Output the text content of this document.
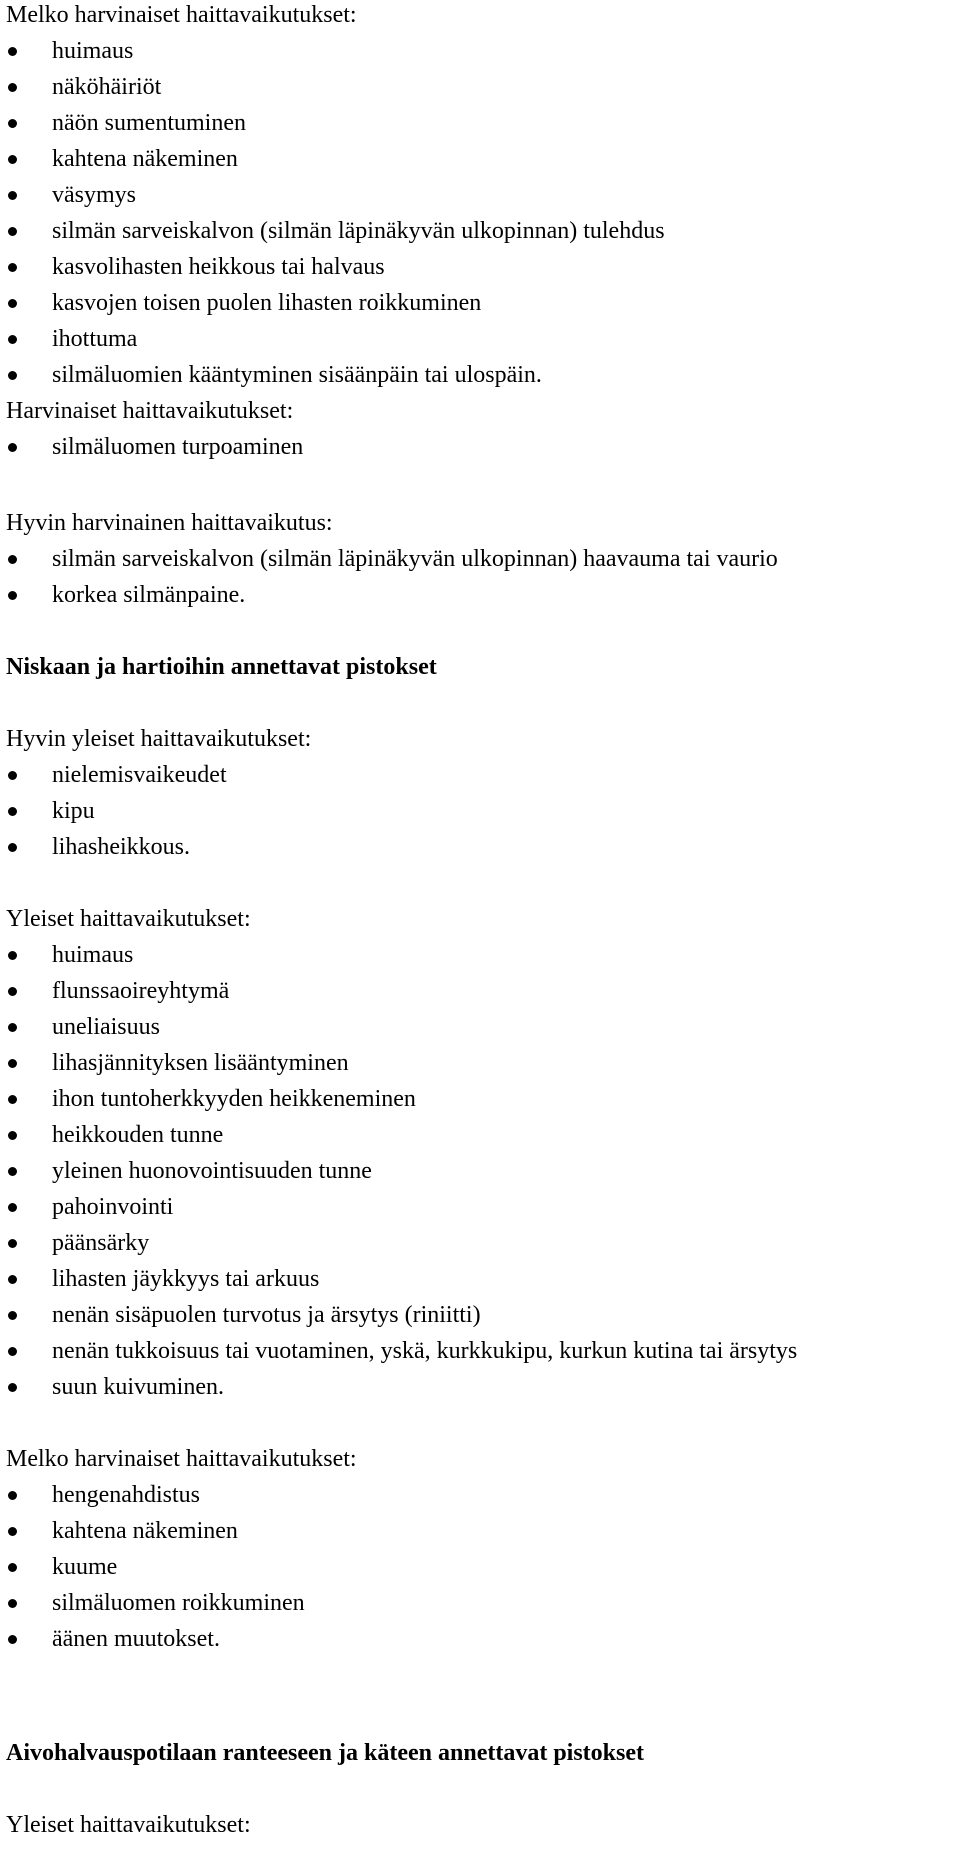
Melko harvinaiset haittavaikutukset:
huimaus
näköhäiriöt
näön sumentuminen
kahtena näkeminen
väsymys
silmän sarveiskalvon (silmän läpinäkyvän ulkopinnan) tulehdus
kasvolihasten heikkous tai halvaus
kasvojen toisen puolen lihasten roikkuminen
ihottuma
silmäluomien kääntyminen sisäänpäin tai ulospäin.
Harvinaiset haittavaikutukset:
silmäluomen turpoaminen
Hyvin harvinainen haittavaikutus:
silmän sarveiskalvon (silmän läpinäkyvän ulkopinnan) haavauma tai vaurio
korkea silmänpaine.
Niskaan ja hartioihin annettavat pistokset
Hyvin yleiset haittavaikutukset:
nielemisvaikeudet
kipu
lihasheikkous.
Yleiset haittavaikutukset:
huimaus
flunssaoireyhtymä
uneliaisuus
lihasjännityksen lisääntyminen
ihon tuntoherkkyyden heikkeneminen
heikkouden tunne
yleinen huonovointisuuden tunne
pahoinvointi
päänsärky
lihasten jäykkyys tai arkuus
nenän sisäpuolen turvotus ja ärsytys (riniitti)
nenän tukkoisuus tai vuotaminen, yskä, kurkkukipu, kurkun kutina tai ärsytys
suun kuivuminen.
Melko harvinaiset haittavaikutukset:
hengenahdistus
kahtena näkeminen
kuume
silmäluomen roikkuminen
äänen muutokset.
Aivohalvauspotilaan ranteeseen ja käteen annettavat pistokset
Yleiset haittavaikutukset:
